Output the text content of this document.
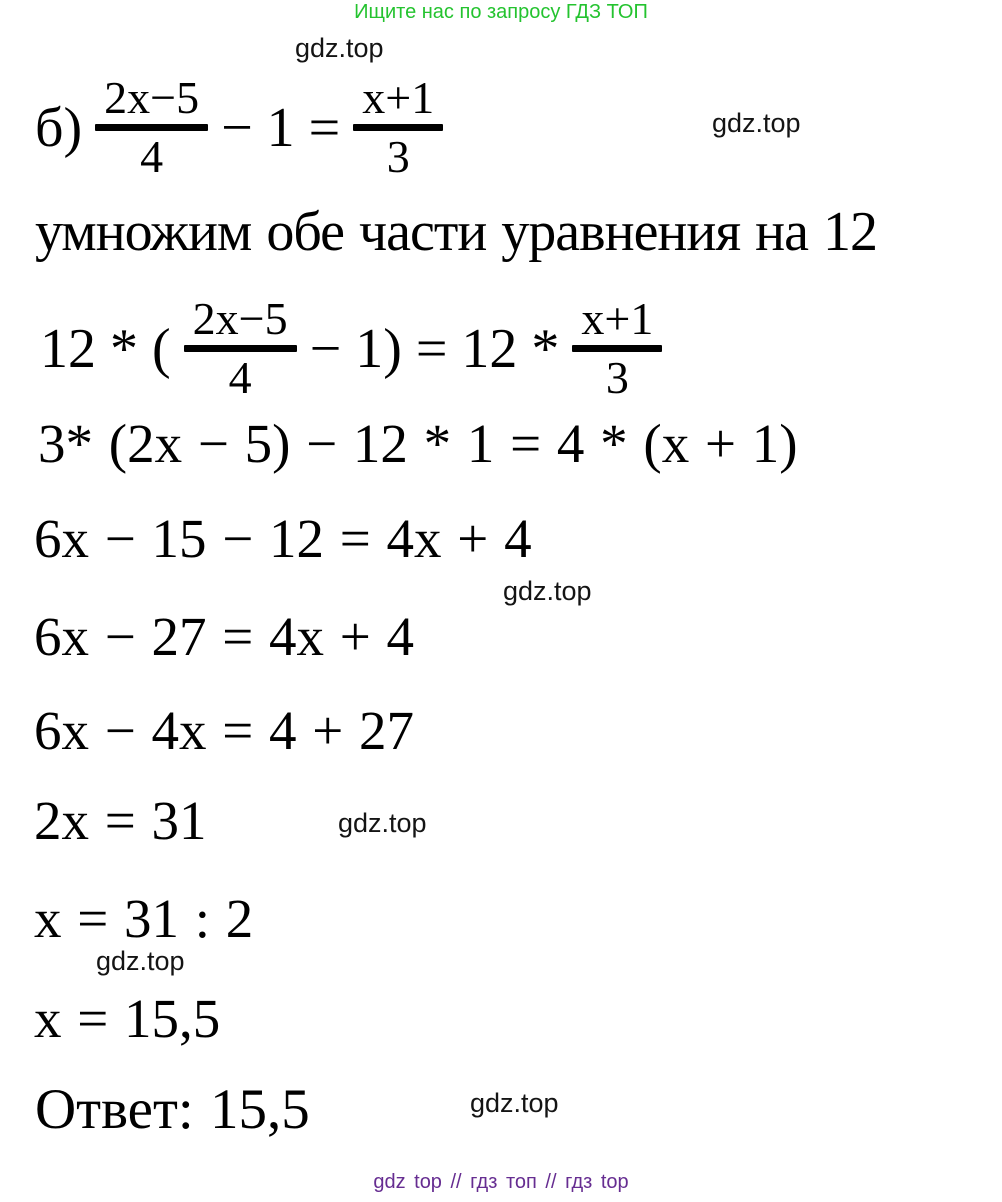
Ищите нас по запросу ГДЗ ТОП
gdz.top
gdz.top
б) 2x−5
4 − 1 = x+1
3
умножим обе части уравнения на 12
12 * ( 2x−5
4 − 1) = 12 * x+1
3
3* (2x − 5) − 12 * 1 = 4 * (x + 1)
6x − 15 − 12 = 4x + 4
gdz.top
6x − 27 = 4x + 4
6x − 4x = 4 + 27
2x = 31	gdz.top
x = 31 : 2
gdz.top
x = 15,5
Ответ: 15,5	gdz.top
gdz top // гдз топ // гдз top
